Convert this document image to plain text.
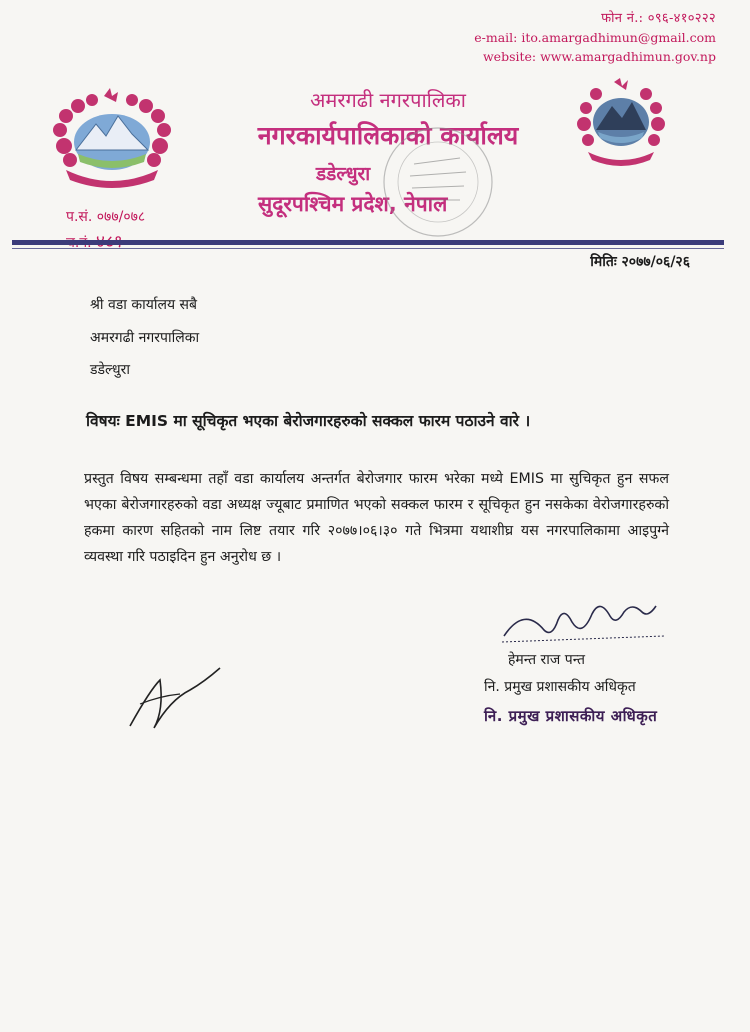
फोन नं.: ०९६-४१०२२२
e-mail: ito.amargadhimun@gmail.com
website: www.amargadhimun.gov.np
अमरगढी नगरपालिका
नगरकार्यपालिकाको कार्यालय
डडेल्धुरा
सुदूरपश्चिम प्रदेश, नेपाल
प.सं. ०७७/०७८
मितिः २०७७/०६/२६
श्री वडा कार्यालय सबै
अमरगढी नगरपालिका
डडेल्धुरा
विषयः EMIS मा सूचिकृत भएका बेरोजगारहरुको सक्कल फारम पठाउने वारे ।
प्रस्तुत विषय सम्बन्धमा तहाँ वडा कार्यालय अन्तर्गत बेरोजगार फारम भरेका मध्ये EMIS मा सुचिकृत हुन सफल भएका बेरोजगारहरुको वडा अध्यक्ष ज्यूबाट प्रमाणित भएको सक्कल फारम र सूचिकृत हुन नसकेका वेरोजगारहरुको हकमा कारण सहितको नाम लिष्ट तयार गरि २०७७।०६।३० गते भित्रमा यथाशीघ्र यस नगरपालिकामा आइपुग्ने व्यवस्था गरि पठाइदिन हुन अनुरोध छ ।
हेमन्त राज पन्त
नि. प्रमुख प्रशासकीय अधिकृत
नि. प्रमुख प्रशासकीय अधिकृत
